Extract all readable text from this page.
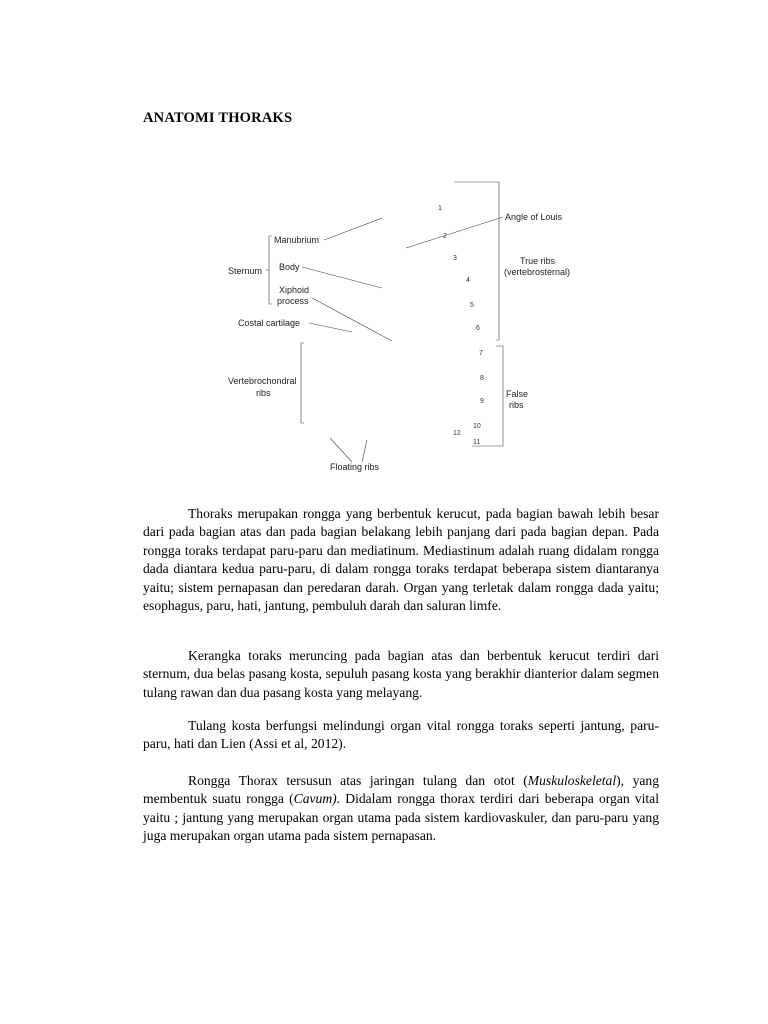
ANATOMI THORAKS
Sternum
Manubrium
Body
Xiphoid
process
Costal cartilage
Vertebrochondral
ribs
Floating ribs
Angle of Louis
True ribs
(vertebrosternal)
False
ribs
1
2
3
4
5
6
7
8
9
10
11
12

Thoraks merupakan rongga yang berbentuk kerucut, pada bagian bawah lebih besar dari pada bagian atas dan pada bagian belakang lebih panjang dari pada bagian depan. Pada rongga toraks terdapat paru-paru dan mediatinum. Mediastinum adalah ruang didalam rongga dada diantara kedua paru-paru, di dalam rongga toraks terdapat beberapa sistem diantaranya yaitu; sistem pernapasan dan peredaran darah. Organ yang terletak dalam rongga dada yaitu; esophagus, paru, hati, jantung, pembuluh darah dan saluran limfe.

Kerangka toraks meruncing pada bagian atas dan berbentuk kerucut terdiri dari sternum, dua belas pasang kosta, sepuluh pasang kosta yang berakhir dianterior dalam segmen tulang rawan dan dua pasang kosta yang melayang.

Tulang kosta berfungsi melindungi organ vital rongga toraks seperti jantung, paru-paru, hati dan Lien (Assi et al, 2012).

Rongga Thorax tersusun atas jaringan tulang dan otot (Muskuloskeletal), yang membentuk suatu rongga (Cavum). Didalam rongga thorax terdiri dari beberapa organ vital yaitu ; jantung yang merupakan organ utama pada sistem kardiovaskuler, dan paru-paru yang juga merupakan organ utama pada sistem pernapasan.
